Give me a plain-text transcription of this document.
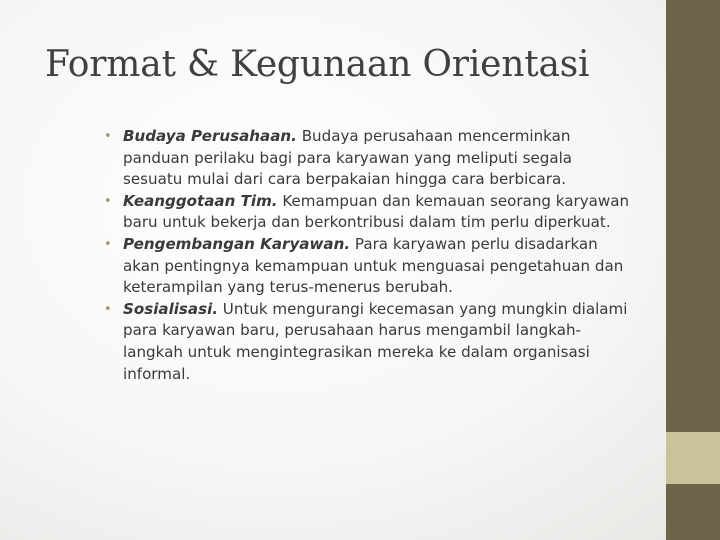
Format & Kegunaan Orientasi
• Budaya Perusahaan. Budaya perusahaan mencerminkan panduan perilaku bagi para karyawan yang meliputi segala sesuatu mulai dari cara berpakaian hingga cara berbicara.
• Keanggotaan Tim. Kemampuan dan kemauan seorang karyawan baru untuk bekerja dan berkontribusi dalam tim perlu diperkuat.
• Pengembangan Karyawan. Para karyawan perlu disadarkan akan pentingnya kemampuan untuk menguasai pengetahuan dan keterampilan yang terus-menerus berubah.
• Sosialisasi. Untuk mengurangi kecemasan yang mungkin dialami para karyawan baru, perusahaan harus mengambil langkah-langkah untuk mengintegrasikan mereka ke dalam organisasi informal.
